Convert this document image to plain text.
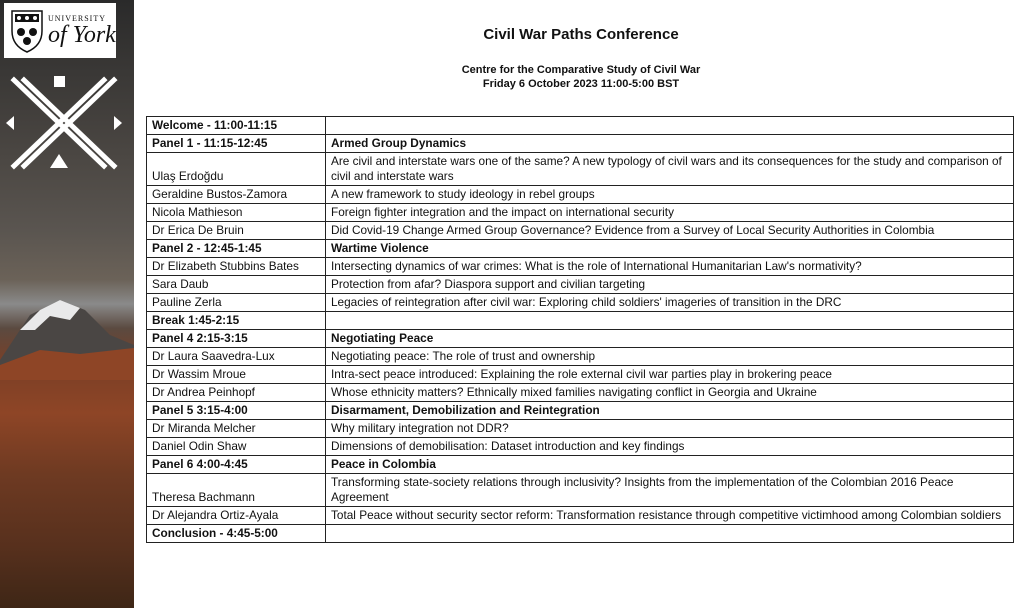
UNIVERSITY
of York	Civil War Paths Conference
Centre for the Comparative Study of Civil War
Friday 6 October 2023 11:00-5:00 BST
Welcome - 11:00-11:15	
Panel 1 - 11:15-12:45	Armed Group Dynamics
Ulaş Erdoğdu	Are civil and interstate wars one of the same? A new typology of civil wars and its consequences for the study and comparison of civil and interstate wars
Geraldine Bustos-Zamora	A new framework to study ideology in rebel groups
Nicola Mathieson	Foreign fighter integration and the impact on international security
Dr Erica De Bruin	Did Covid-19 Change Armed Group Governance? Evidence from a Survey of Local Security Authorities in Colombia
Panel 2 - 12:45-1:45	Wartime Violence
Dr Elizabeth Stubbins Bates	Intersecting dynamics of war crimes: What is the role of International Humanitarian Law's normativity?
Sara Daub	Protection from afar? Diaspora support and civilian targeting
Pauline Zerla	Legacies of reintegration after civil war: Exploring child soldiers' imageries of transition in the DRC
Break 1:45-2:15	
Panel 4 2:15-3:15	Negotiating Peace
Dr Laura Saavedra-Lux	Negotiating peace: The role of trust and ownership
Dr Wassim Mroue	Intra-sect peace introduced: Explaining the role external civil war parties play in brokering peace
Dr Andrea Peinhopf	Whose ethnicity matters? Ethnically mixed families navigating conflict in Georgia and Ukraine
Panel 5 3:15-4:00	Disarmament, Demobilization and Reintegration
Dr Miranda Melcher	Why military integration not DDR?
Daniel Odin Shaw	Dimensions of demobilisation: Dataset introduction and key findings
Panel 6 4:00-4:45	Peace in Colombia
Theresa Bachmann	Transforming state-society relations through inclusivity? Insights from the implementation of the Colombian 2016 Peace Agreement
Dr Alejandra Ortiz-Ayala	Total Peace without security sector reform: Transformation resistance through competitive victimhood among Colombian soldiers
Conclusion - 4:45-5:00	
